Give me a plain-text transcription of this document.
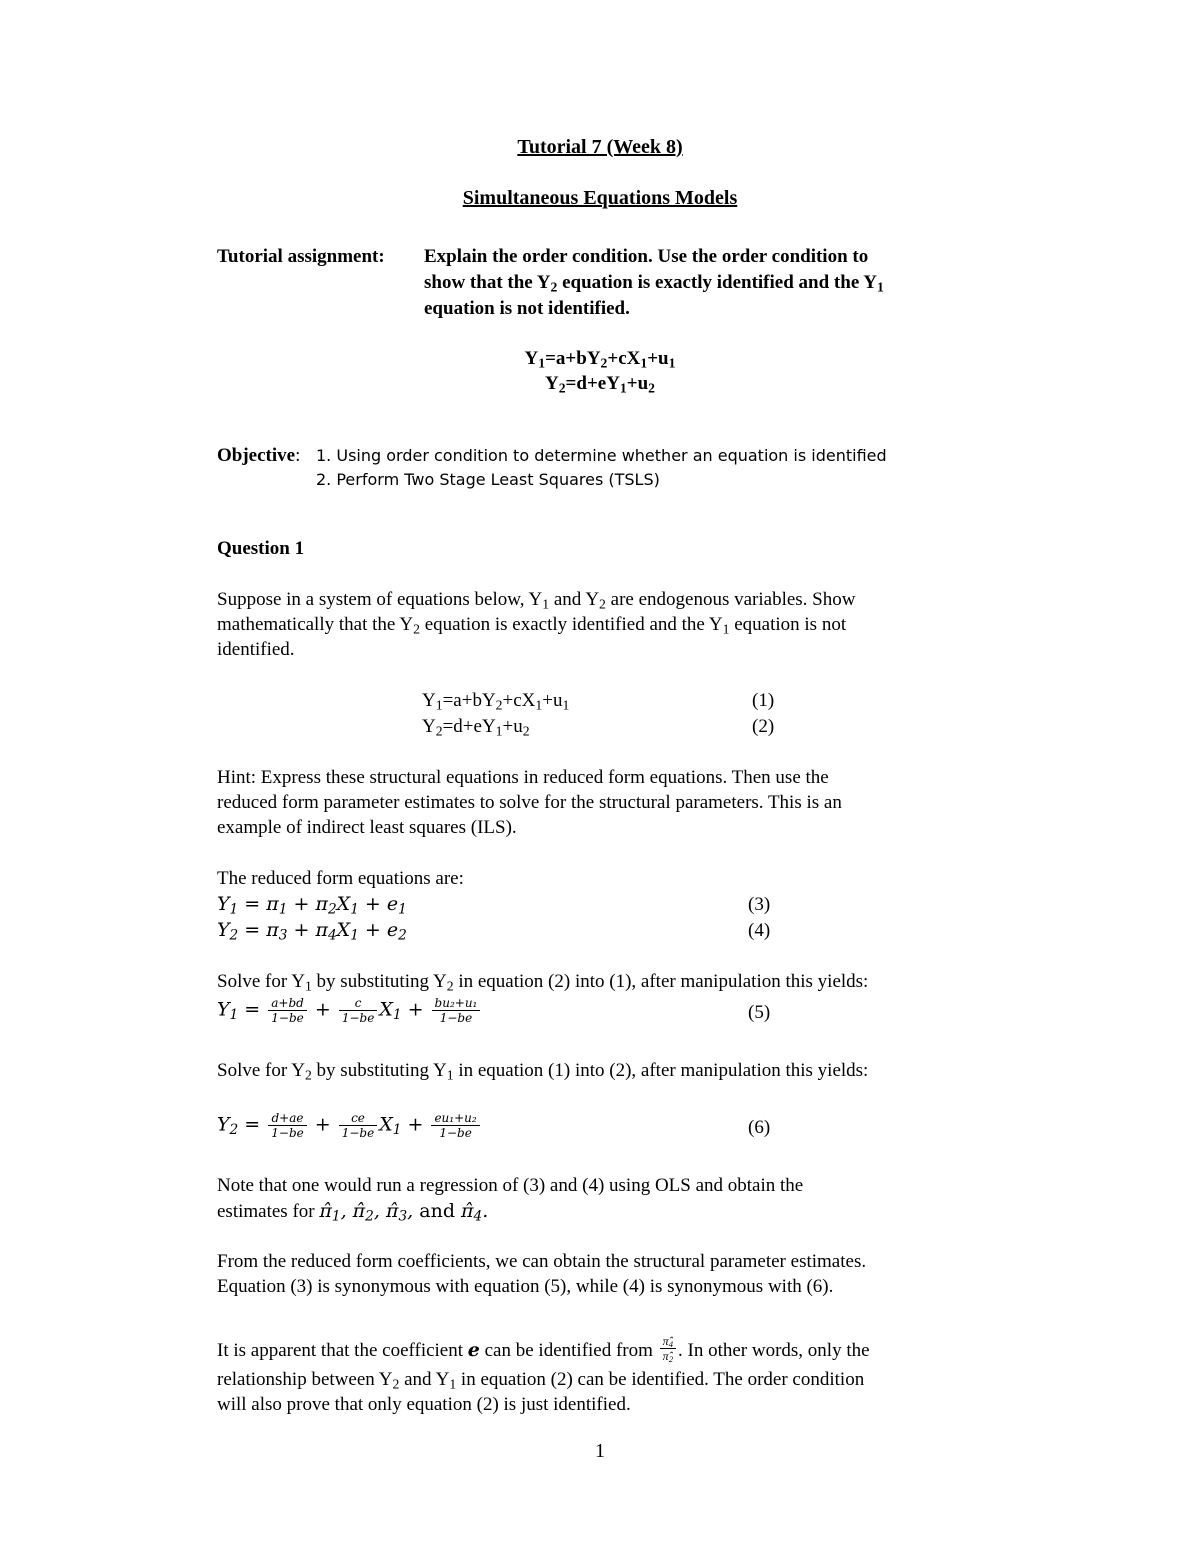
Tutorial 7 (Week 8)
Simultaneous Equations Models
Tutorial assignment: Explain the order condition. Use the order condition to
show that the $Y_2$ equation is exactly identified and the $Y_1$
equation is not identified.
$Y_1=a+bY_2+cX_1+u_1$
$Y_2=d+eY_1+u_2$
Objective: 1. Using order condition to determine whether an equation is identified
2. Perform Two Stage Least Squares (TSLS)
Question 1
Suppose in a system of equations below, $Y_1$ and $Y_2$ are endogenous variables. Show
mathematically that the $Y_2$ equation is exactly identified and the $Y_1$ equation is not
identified.
$Y_1=a+bY_2+cX_1+u_1$	(1)
$Y_2=d+eY_1+u_2$	(2)
Hint: Express these structural equations in reduced form equations. Then use the
reduced form parameter estimates to solve for the structural parameters. This is an
example of indirect least squares (ILS).
The reduced form equations are:
$Y_1 = \pi_1 + \pi_2X_1 + e_1$	(3)
$Y_2 = \pi_3 + \pi_4X_1 + e_2$	(4)
Solve for $Y_1$ by substituting $Y_2$ in equation (2) into (1), after manipulation this yields:
$Y_1 = \frac{a+bd}{1-be} + \frac{c}{1-be} X_1 + \frac{\text{bu₂+u₁}}{1-be}$	(5)
Solve for $Y_2$ by substituting $Y_1$ in equation (1) into (2), after manipulation this yields:
$Y_2 = \frac{d+ae}{1-be} + \frac{ce}{1-be} X_1 + \frac{\text{eu₁+u₂}}{1-be}$	(6)
Note that one would run a regression of (3) and (4) using OLS and obtain the
estimates for $\pî_1$, $\pî_2$, $\pî_3$, and $\pî_4$.
From the reduced form coefficients, we can obtain the structural parameter estimates.
Equation (3) is synonymous with equation (5), while (4) is synonymous with (6).
It is apparent that the coefficient e can be identified from $\frac{\pî_4}{\pî_2}$ . In other words, only the
relationship between $Y_2$ and $Y_1$ in equation (2) can be identified. The order condition
will also prove that only equation (2) is just identified.
1
